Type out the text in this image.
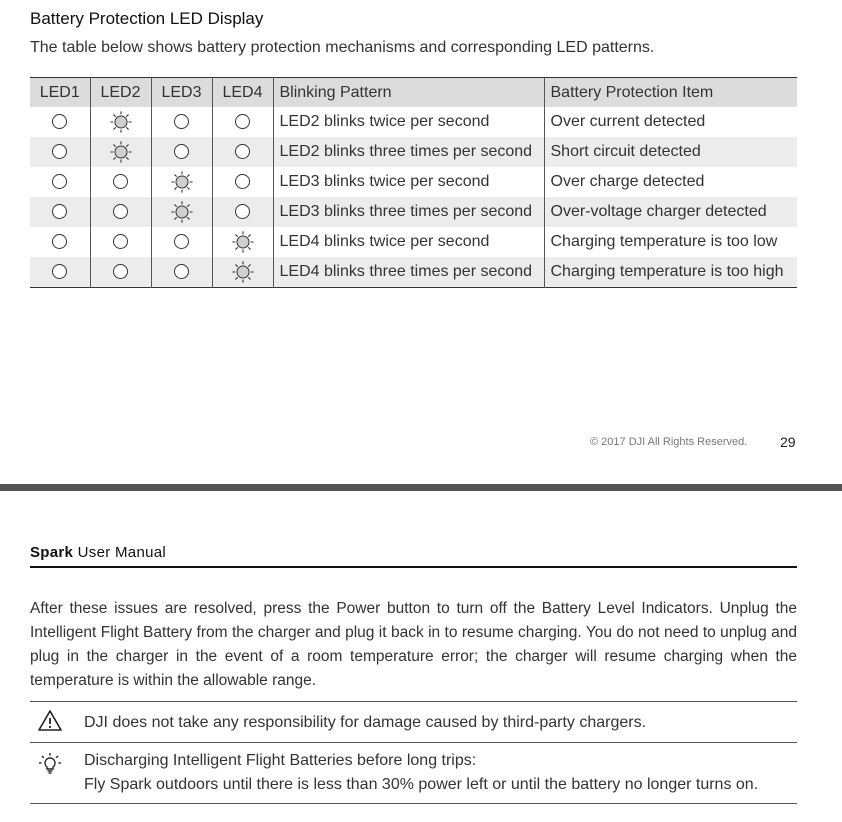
Battery Protection LED Display
The table below shows battery protection mechanisms and corresponding LED patterns.
LED1	LED2	LED3	LED4	Blinking Pattern	Battery Protection Item
				LED2 blinks twice per second	Over current detected
				LED2 blinks three times per second	Short circuit detected
				LED3 blinks twice per second	Over charge detected
				LED3 blinks three times per second	Over-voltage charger detected
				LED4 blinks twice per second	Charging temperature is too low
				LED4 blinks three times per second	Charging temperature is too high
© 2017 DJI All Rights Reserved. 29
Spark User Manual

After these issues are resolved, press the Power button to turn off the Battery Level Indicators. Unplug the Intelligent Flight Battery from the charger and plug it back in to resume charging. You do not need to unplug and plug in the charger in the event of a room temperature error; the charger will resume charging when the temperature is within the allowable range.

DJI does not take any responsibility for damage caused by third-party chargers.
Discharging Intelligent Flight Batteries before long trips:
Fly Spark outdoors until there is less than 30% power left or until the battery no longer turns on.
